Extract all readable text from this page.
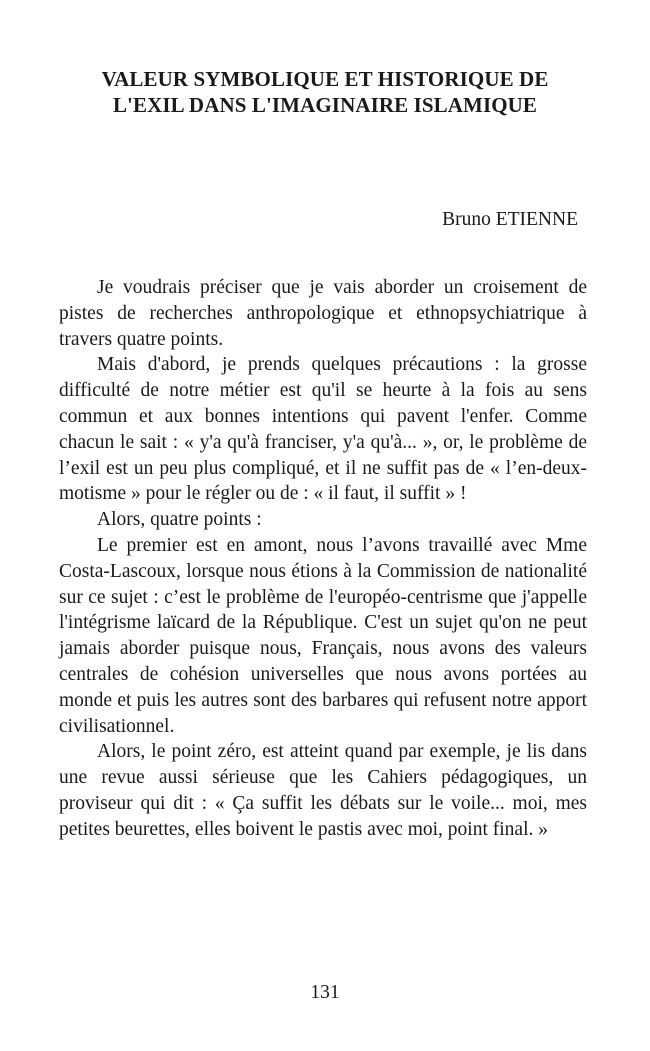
VALEUR SYMBOLIQUE ET HISTORIQUE DE
L'EXIL DANS L'IMAGINAIRE ISLAMIQUE
Bruno ETIENNE

Je voudrais préciser que je vais aborder un croisement de pistes de recherches anthropologique et ethnopsychiatrique à travers quatre points.

Mais d'abord, je prends quelques précautions : la grosse difficulté de notre métier est qu'il se heurte à la fois au sens commun et aux bonnes intentions qui pavent l'enfer. Comme chacun le sait : « y'a qu'à franciser, y'a qu'à... », or, le problème de l’exil est un peu plus compliqué, et il ne suffit pas de « l’en-deux-motisme » pour le régler ou de : « il faut, il suffit » !

Alors, quatre points :

Le premier est en amont, nous l’avons travaillé avec Mme Costa-Lascoux, lorsque nous étions à la Commission de nationalité sur ce sujet : c’est le problème de l'européo-centrisme que j'appelle l'intégrisme laïcard de la République. C'est un sujet qu'on ne peut jamais aborder puisque nous, Français, nous avons des valeurs centrales de cohésion universelles que nous avons portées au monde et puis les autres sont des barbares qui refusent notre apport civilisationnel.

Alors, le point zéro, est atteint quand par exemple, je lis dans une revue aussi sérieuse que les Cahiers pédagogiques, un proviseur qui dit : « Ça suffit les débats sur le voile... moi, mes petites beurettes, elles boivent le pastis avec moi, point final. »

131
